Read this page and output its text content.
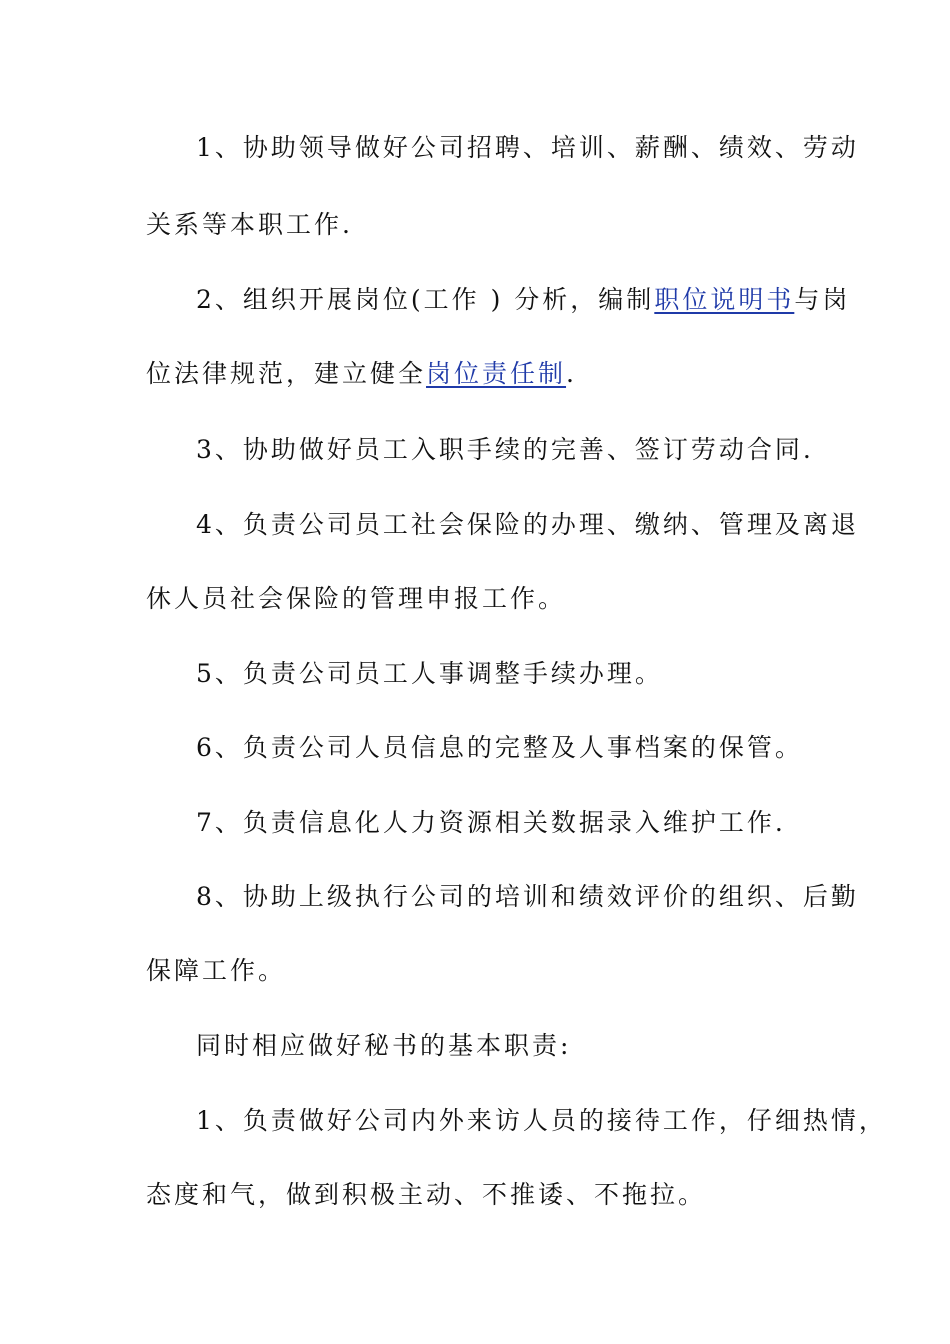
1、协助领导做好公司招聘、培训、薪酬、绩效、劳动
关系等本职工作.
2、组织开展岗位(工作 ) 分析，编制职位说明书与岗
位法律规范，建立健全岗位责任制.
3、协助做好员工入职手续的完善、签订劳动合同.
4、负责公司员工社会保险的办理、缴纳、管理及离退
休人员社会保险的管理申报工作。
5、负责公司员工人事调整手续办理。
6、负责公司人员信息的完整及人事档案的保管。
7、负责信息化人力资源相关数据录入维护工作.
8、协助上级执行公司的培训和绩效评价的组织、后勤
保障工作。
同时相应做好秘书的基本职责:
1、负责做好公司内外来访人员的接待工作，仔细热情，
态度和气，做到积极主动、不推诿、不拖拉。
